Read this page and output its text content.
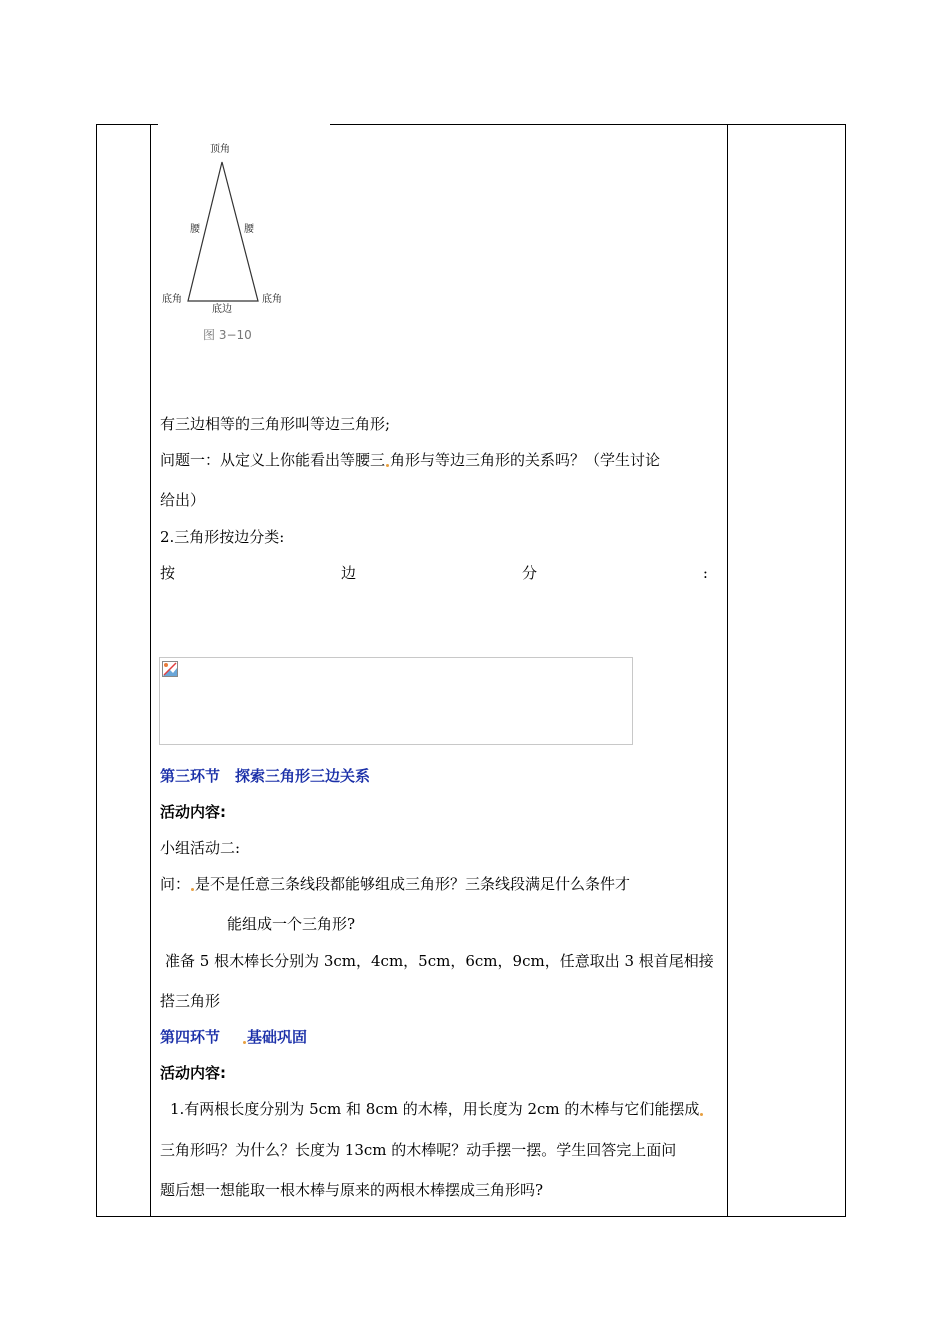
顶角
腰	腰
底角	底角
底边
图 3−10
有三边相等的三角形叫等边三角形;
问题一：从定义上你能看出等腰三 角形与等边三角形的关系吗？（学生讨论
给出）
2.三角形按边分类:
按	边	分	:
第三环节　探索三角形三边关系
活动内容:
小组活动二:
问： 是不是任意三条线段都能够组成三角形？三条线段满足什么条件才
能组成一个三角形?
准备 5 根木棒长分别为 3cm，4cm，5cm，6cm，9cm，任意取出 3 根首尾相接
搭三角形
第四环节 基础巩固
活动内容:
1.有两根长度分别为 5cm 和 8cm 的木棒，用长度为 2cm 的木棒与它们能摆成
三角形吗？为什么？长度为 13cm 的木棒呢？动手摆一摆。学生回答完上面问
题后想一想能取一根木棒与原来的两根木棒摆成三角形吗?
